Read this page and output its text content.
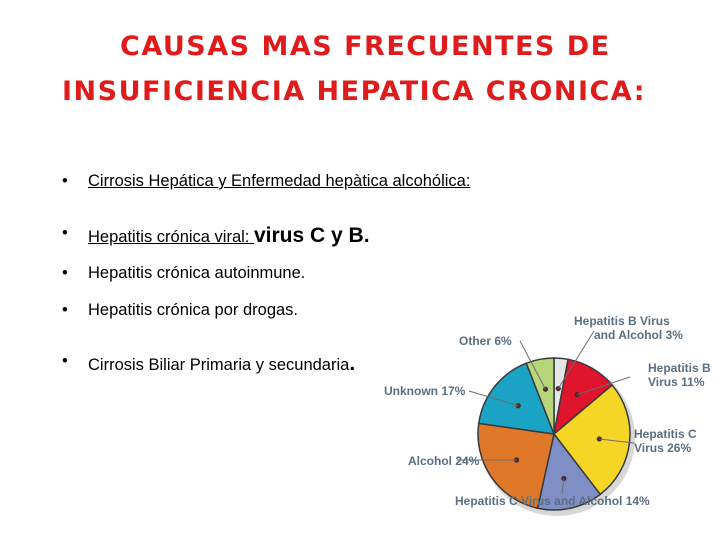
CAUSAS MAS FRECUENTES DE
INSUFICIENCIA HEPATICA CRONICA:
•	Cirrosis Hepática y Enfermedad hepàtica alcohólica:
•	Hepatitis crónica viral: virus C y B.
•	Hepatitis crónica autoinmune.
•	Hepatitis crónica por drogas.
•	Cirrosis Biliar Primaria y secundaria.
Hepatitis B Virus
and Alcohol 3%
Hepatitis B
Virus 11%
Hepatitis C
Virus 26%
Hepatitis C Virus and Alcohol 14%
Alcohol 24%
Unknown 17%
Other 6%
